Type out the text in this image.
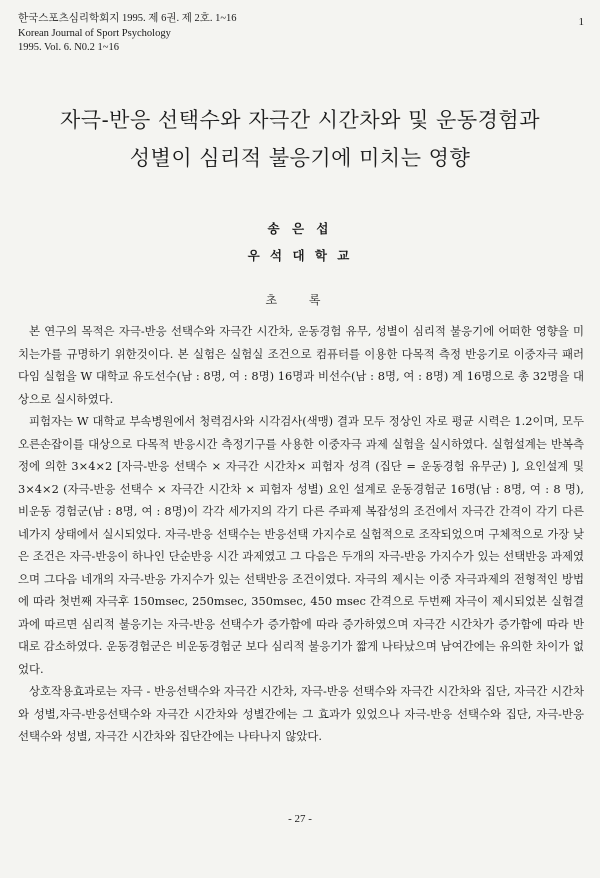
한국스포츠심리학회지 1995. 제 6권. 제 2호. 1~16
Korean Journal of Sport Psychology
1995. Vol. 6. N0.2 1~16
1
자극-반응 선택수와 자극간 시간차와 및 운동경험과
성별이 심리적 불응기에 미치는 영향
송 은 섭
우 석 대 학 교
초 록

본 연구의 목적은 자극-반응 선택수와 자극간 시간차, 운동경험 유무, 성별이 심리적 불응기에 어떠한 영향을 미치는가를 규명하기 위한것이다. 본 실험은 실험실 조건으로 컴퓨터를 이용한 다목적 측정 반응기로 이중자극 패러다임 실험을 W 대학교 유도선수(남 : 8명, 여 : 8명) 16명과 비선수(남 : 8명, 여 : 8명) 계 16명으로 총 32명을 대상으로 실시하였다.

피험자는 W 대학교 부속병원에서 청력검사와 시각검사(색맹) 결과 모두 정상인 자로 평균 시력은 1.2이며, 모두 오른손잡이를 대상으로 다목적 반응시간 측정기구를 사용한 이중자극 과제 실험을 실시하였다. 실험설계는 반복측정에 의한 3×4×2 [자극-반응 선택수 × 자극간 시간차× 피험자 성격 (집단 = 운동경험 유무군) ], 요인설계 및 3×4×2 (자극-반응 선택수 × 자극간 시간차 × 피험자 성별) 요인 설계로 운동경험군 16명(남 : 8명, 여 : 8 명), 비운동 경험군(남 : 8명, 여 : 8명)이 각각 세가지의 각기 다른 주파제 복잡성의 조건에서 자극간 간격이 각기 다른 네가지 상태에서 실시되었다. 자극-반응 선택수는 반응선택 가지수로 실험적으로 조작되었으며 구체적으로 가장 낮은 조건은 자극-반응이 하나인 단순반응 시간 과제였고 그 다음은 두개의 자극-반응 가지수가 있는 선택반응 과제였으며 그다음 네개의 자극-반응 가지수가 있는 선택반응 조건이였다. 자극의 제시는 이중 자극과제의 전형적인 방법에 따라 첫번째 자극후 150msec, 250msec, 350msec, 450 msec 간격으로 두번째 자극이 제시되었본 실험결과에 따르면 심리적 불응기는 자극-반응 선택수가 증가함에 따라 증가하였으며 자극간 시간차가 증가함에 따라 반대로 감소하였다. 운동경험군은 비운동경험군 보다 심리적 불응기가 짧게 나타났으며 남여간에는 유의한 차이가 없었다.

상호작용효과로는 자극 - 반응선택수와 자극간 시간차, 자극-반응 선택수와 자극간 시간차와 집단, 자극간 시간차와 성별,자극-반응선택수와 자극간 시간차와 성별간에는 그 효과가 있었으나 자극-반응 선택수와 집단, 자극-반응 선택수와 성별, 자극간 시간차와 집단간에는 나타나지 않았다.

- 27 -
